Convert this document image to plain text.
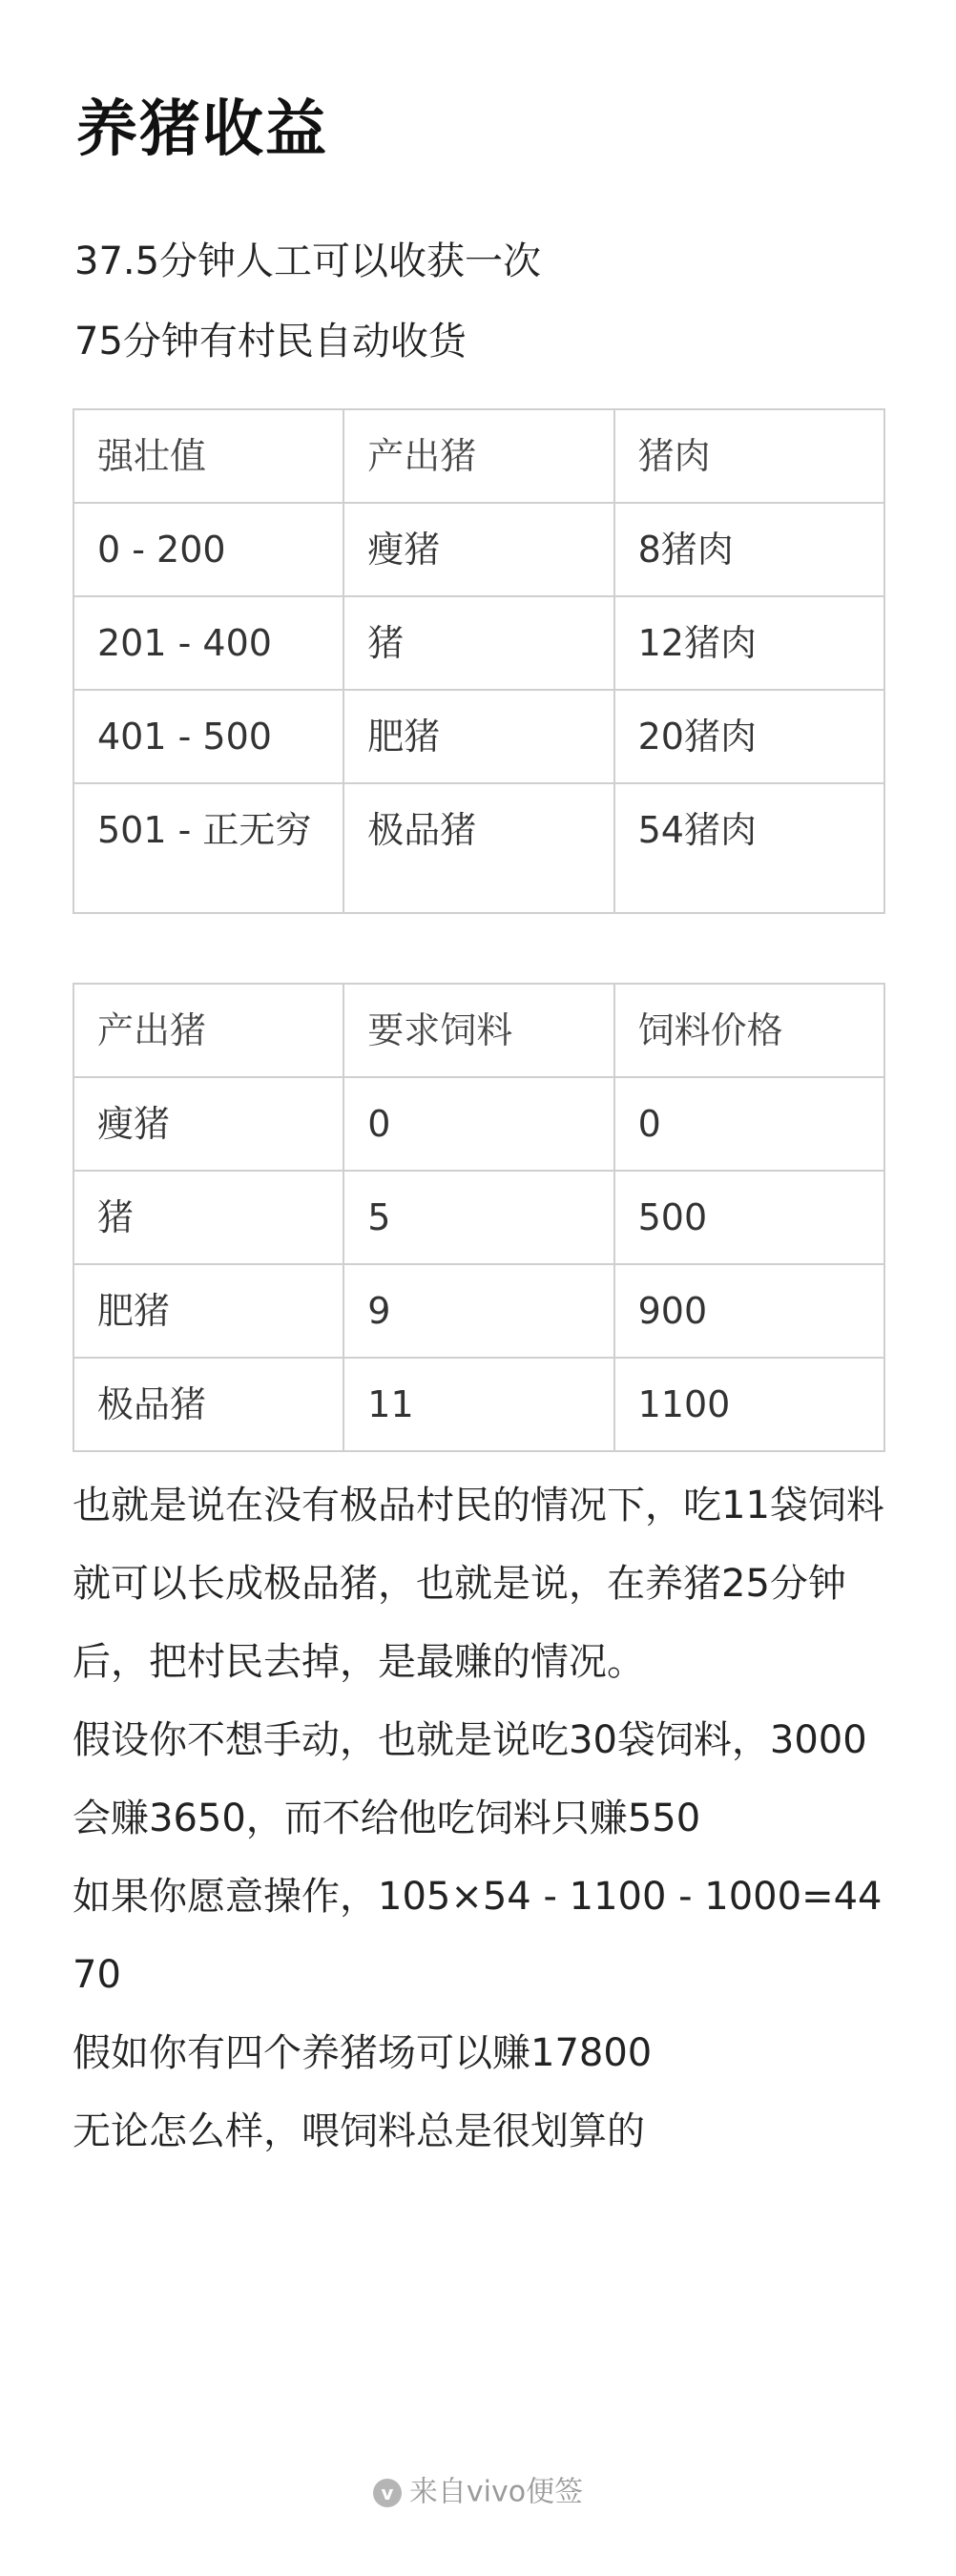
养猪收益

37.5分钟人工可以收获一次

75分钟有村民自动收货

强壮值	产出猪	猪肉
0 - 200	瘦猪	8猪肉
201 - 400	猪	12猪肉
401 - 500	肥猪	20猪肉
501 - 正无穷	极品猪	54猪肉
产出猪	要求饲料	饲料价格
瘦猪	0	0
猪	5	500
肥猪	9	900
极品猪	11	1100

也就是说在没有极品村民的情况下，吃11袋饲料就可以长成极品猪，也就是说，在养猪25分钟后，把村民去掉，是最赚的情况。

假设你不想手动，也就是说吃30袋饲料，3000

会赚3650，而不给他吃饲料只赚550

如果你愿意操作，105×54 - 1100 - 1000=4470

假如你有四个养猪场可以赚17800

无论怎么样，喂饲料总是很划算的

v 来自vivo便签
